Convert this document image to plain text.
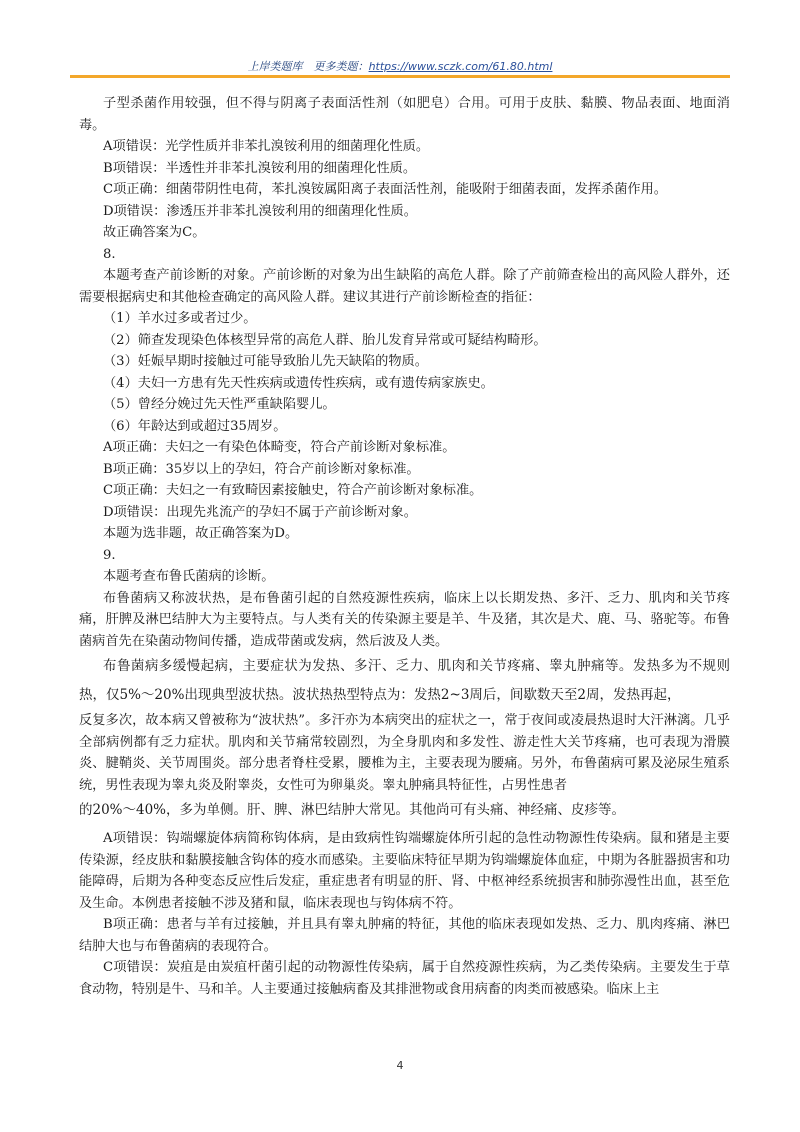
上岸类题库　更多类题：https://www.sczk.com/61.80.html

子型杀菌作用较强，但不得与阴离子表面活性剂（如肥皂）合用。可用于皮肤、黏膜、物品表面、地面消毒。

A项错误：光学性质并非苯扎溴铵利用的细菌理化性质。

B项错误：半透性并非苯扎溴铵利用的细菌理化性质。

C项正确：细菌带阴性电荷，苯扎溴铵属阳离子表面活性剂，能吸附于细菌表面，发挥杀菌作用。

D项错误：渗透压并非苯扎溴铵利用的细菌理化性质。

故正确答案为C。

8.

本题考查产前诊断的对象。产前诊断的对象为出生缺陷的高危人群。除了产前筛查检出的高风险人群外，还需要根据病史和其他检查确定的高风险人群。建议其进行产前诊断检查的指征：

（1）羊水过多或者过少。

（2）筛查发现染色体核型异常的高危人群、胎儿发育异常或可疑结构畸形。

（3）妊娠早期时接触过可能导致胎儿先天缺陷的物质。

（4）夫妇一方患有先天性疾病或遗传性疾病，或有遗传病家族史。

（5）曾经分娩过先天性严重缺陷婴儿。

（6）年龄达到或超过35周岁。

A项正确：夫妇之一有染色体畸变，符合产前诊断对象标准。

B项正确：35岁以上的孕妇，符合产前诊断对象标准。

C项正确：夫妇之一有致畸因素接触史，符合产前诊断对象标准。

D项错误：出现先兆流产的孕妇不属于产前诊断对象。

本题为选非题，故正确答案为D。

9.

本题考查布鲁氏菌病的诊断。

布鲁菌病又称波状热，是布鲁菌引起的自然疫源性疾病，临床上以长期发热、多汗、乏力、肌肉和关节疼痛，肝脾及淋巴结肿大为主要特点。与人类有关的传染源主要是羊、牛及猪，其次是犬、鹿、马、骆驼等。布鲁菌病首先在染菌动物间传播，造成带菌或发病，然后波及人类。

布鲁菌病多缓慢起病，主要症状为发热、多汗、乏力、肌肉和关节疼痛、睾丸肿痛等。发热多为不规则热，仅5%～20%出现典型波状热。波状热热型特点为：发热2~3周后，间歇数天至2周，发热再起，

反复多次，故本病又曾被称为“波状热”。多汗亦为本病突出的症状之一，常于夜间或凌晨热退时大汗淋漓。几乎全部病例都有乏力症状。肌肉和关节痛常较剧烈，为全身肌肉和多发性、游走性大关节疼痛，也可表现为滑膜炎、腱鞘炎、关节周围炎。部分患者脊柱受累，腰椎为主，主要表现为腰痛。另外，布鲁菌病可累及泌尿生殖系统，男性表现为睾丸炎及附睾炎，女性可为卵巢炎。睾丸肿痛具特征性，占男性患者

的20%～40%，多为单侧。肝、脾、淋巴结肿大常见。其他尚可有头痛、神经痛、皮疹等。

A项错误：钩端螺旋体病简称钩体病，是由致病性钩端螺旋体所引起的急性动物源性传染病。鼠和猪是主要传染源，经皮肤和黏膜接触含钩体的疫水而感染。主要临床特征早期为钩端螺旋体血症，中期为各脏器损害和功能障碍，后期为各种变态反应性后发症，重症患者有明显的肝、肾、中枢神经系统损害和肺弥漫性出血，甚至危及生命。本例患者接触不涉及猪和鼠，临床表现也与钩体病不符。

B项正确：患者与羊有过接触，并且具有睾丸肿痛的特征，其他的临床表现如发热、乏力、肌肉疼痛、淋巴结肿大也与布鲁菌病的表现符合。

C项错误：炭疽是由炭疽杆菌引起的动物源性传染病，属于自然疫源性疾病，为乙类传染病。主要发生于草食动物，特别是牛、马和羊。人主要通过接触病畜及其排泄物或食用病畜的肉类而被感染。临床上主

4
